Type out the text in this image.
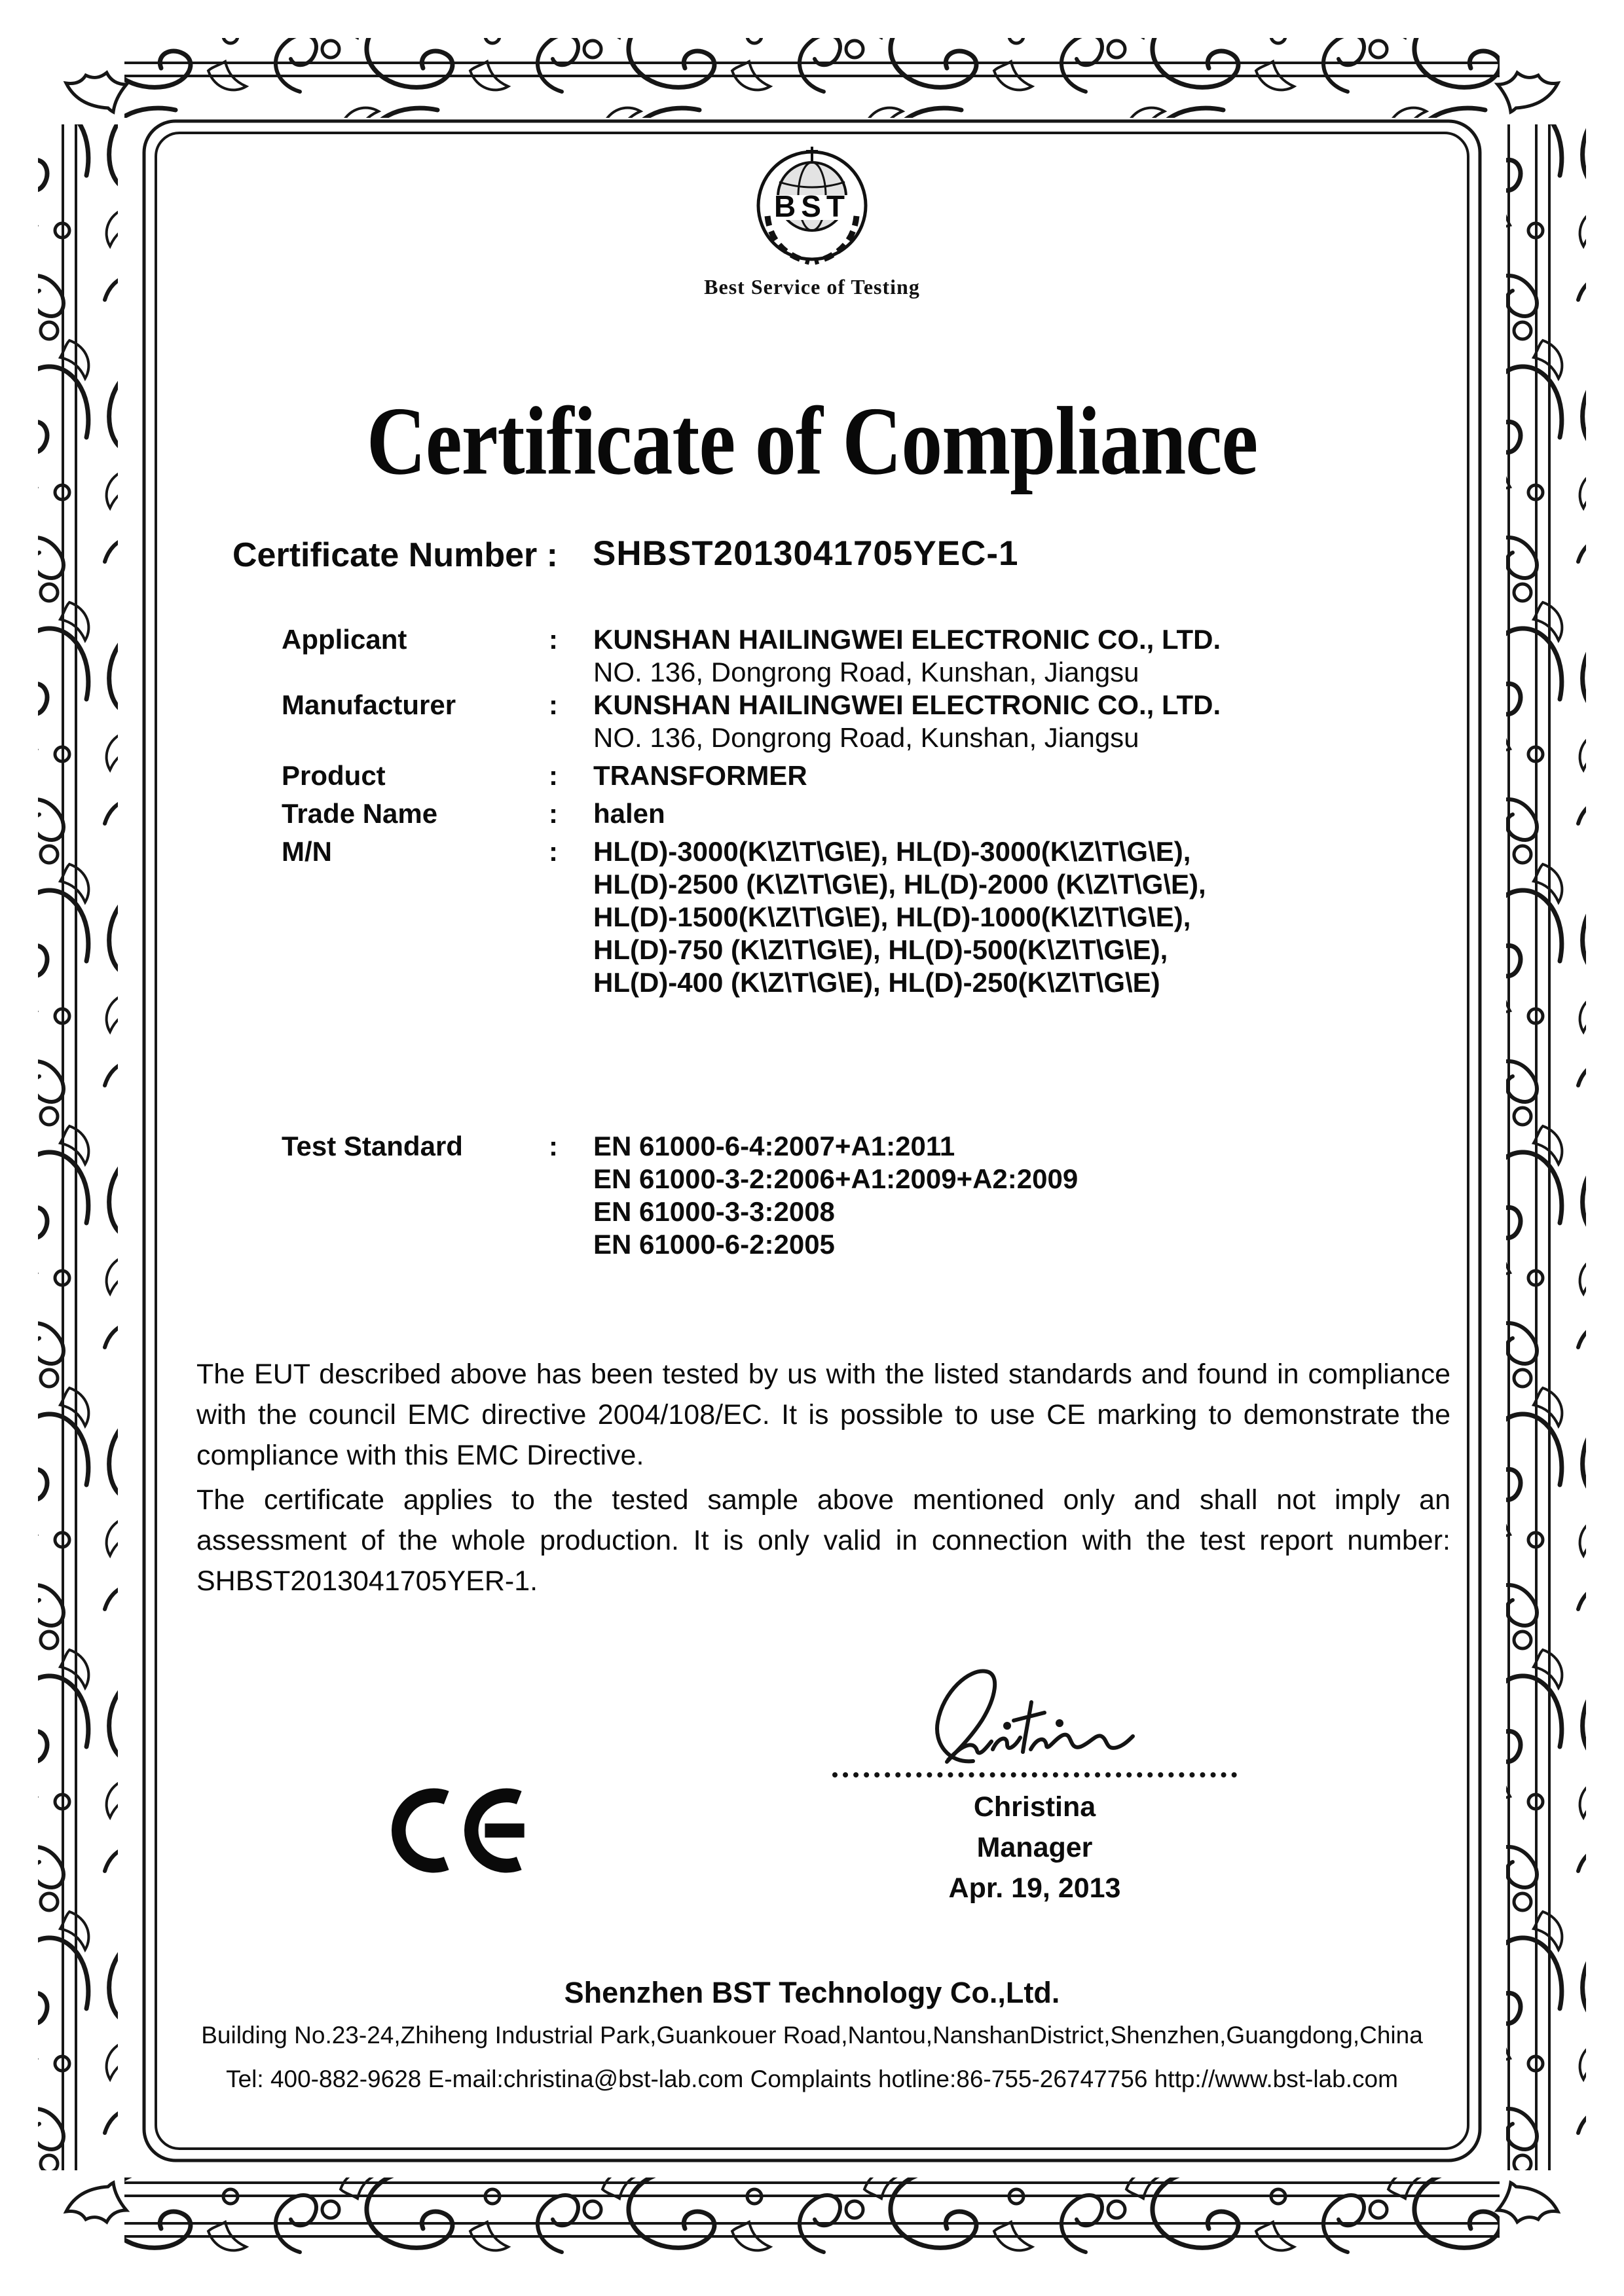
BST
Best Service of Testing
Certificate of Compliance
Certificate Number : SHBST2013041705YEC-1
Applicant	:	KUNSHAN HAILINGWEI ELECTRONIC CO., LTD.
NO. 136, Dongrong Road, Kunshan, Jiangsu
Manufacturer	:	KUNSHAN HAILINGWEI ELECTRONIC CO., LTD.
NO. 136, Dongrong Road, Kunshan, Jiangsu
Product	:	TRANSFORMER
Trade Name	:	halen
M/N	:	HL(D)-3000(K\Z\T\G\E), HL(D)-3000(K\Z\T\G\E),
HL(D)-2500 (K\Z\T\G\E), HL(D)-2000 (K\Z\T\G\E),
HL(D)-1500(K\Z\T\G\E), HL(D)-1000(K\Z\T\G\E),
HL(D)-750 (K\Z\T\G\E), HL(D)-500(K\Z\T\G\E),
HL(D)-400 (K\Z\T\G\E), HL(D)-250(K\Z\T\G\E)
Test Standard	:	EN 61000-6-4:2007+A1:2011
EN 61000-3-2:2006+A1:2009+A2:2009
EN 61000-3-3:2008
EN 61000-6-2:2005

The EUT described above has been tested by us with the listed standards and found in compliance with the council EMC directive 2004/108/EC. It is possible to use CE marking to demonstrate the compliance with this EMC Directive.

The certificate applies to the tested sample above mentioned only and shall not imply an assessment of the whole production. It is only valid in connection with the test report number: SHBST2013041705YER-1.

Christina
Manager
Apr. 19, 2013
Shenzhen BST Technology Co.,Ltd.
Building No.23-24,Zhiheng Industrial Park,Guankouer Road,Nantou,NanshanDistrict,Shenzhen,Guangdong,China
Tel: 400-882-9628 E-mail:christina@bst-lab.com Complaints hotline:86-755-26747756 http://www.bst-lab.com
